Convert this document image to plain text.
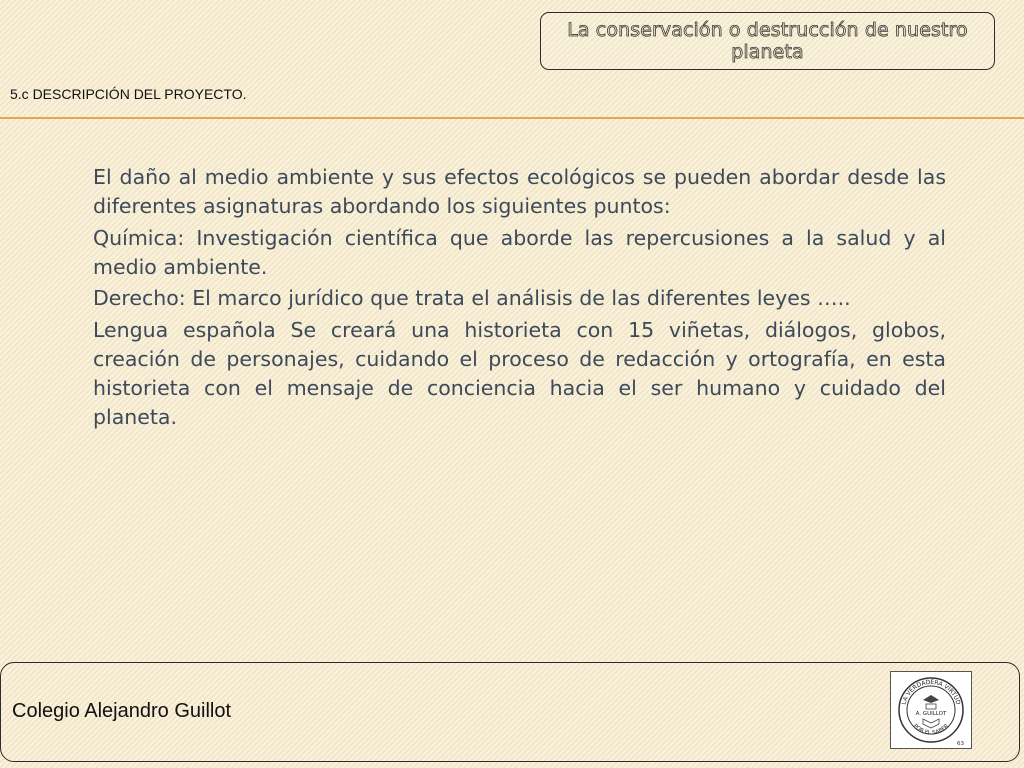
La conservación o destrucción de nuestro planeta
5.c DESCRIPCIÓN DEL PROYECTO.

El daño al medio ambiente y sus efectos ecológicos se pueden abordar desde las diferentes asignaturas abordando los siguientes puntos:

Química: Investigación científica que aborde las repercusiones a la salud y al medio ambiente.

Derecho: El marco jurídico que trata el análisis de las diferentes leyes …..

Lengua española Se creará una historieta con 15 viñetas, diálogos, globos, creación de personajes, cuidando el proceso de redacción y ortografía, en esta historieta con el mensaje de conciencia hacia el ser humano y cuidado del planeta.

Colegio Alejandro Guillot	LA VERDADERA VIRTUD
POR EL SABER
A. GUILLOT
63
